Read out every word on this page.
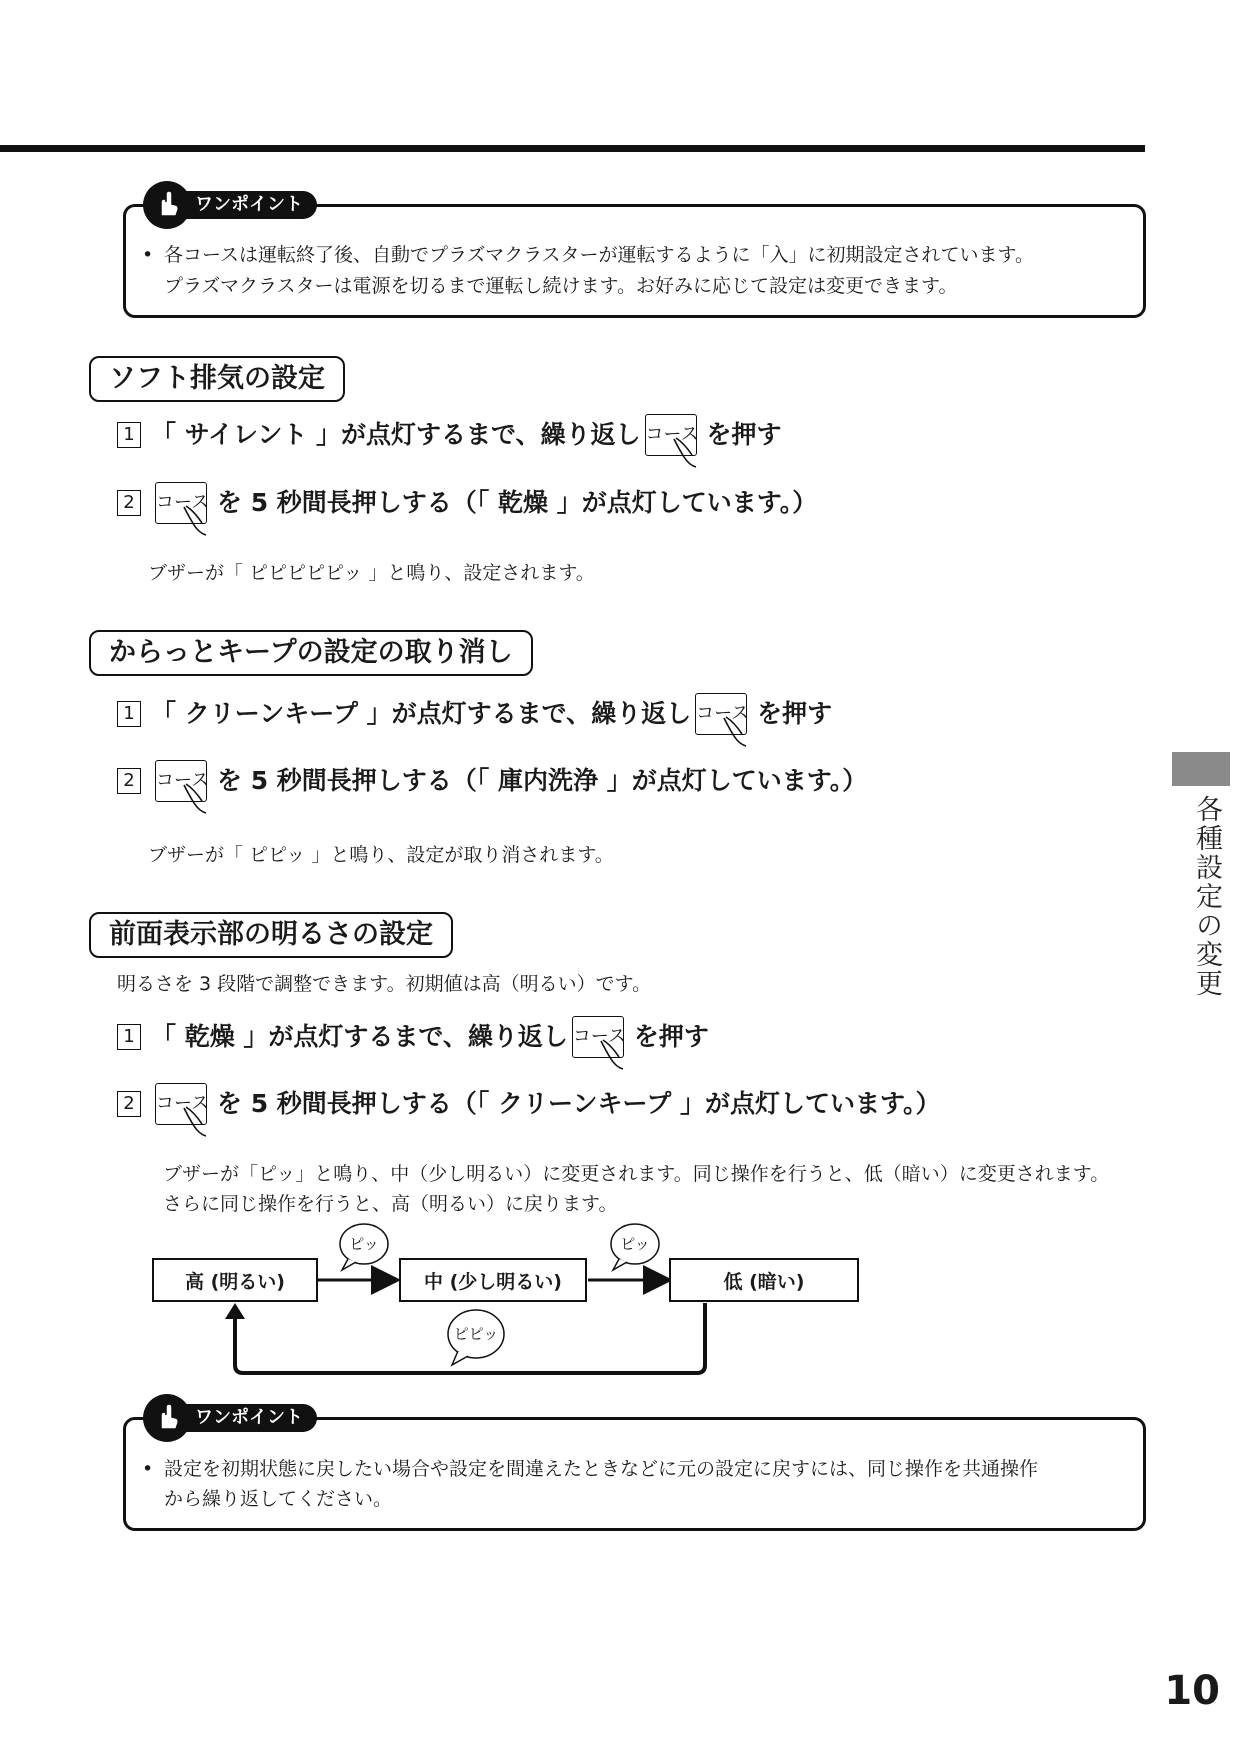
ワンポイント
• 各コースは運転終了後、自動でプラズマクラスターが運転するように「入」に初期設定されています。
プラズマクラスターは電源を切るまで運転し続けます。お好みに応じて設定は変更できます。
ソフト排気の設定
1 「 サイレント 」が点灯するまで、繰り返し コース を押す
2	コース を 5 秒間長押しする（「 乾燥 」が点灯しています。）
ブザーが「 ピピピピピッ 」と鳴り、設定されます。
からっとキープの設定の取り消し
1 「 クリーンキープ 」が点灯するまで、繰り返し コース を押す
2	コース を 5 秒間長押しする（「 庫内洗浄 」が点灯しています。）
ブザーが「 ピピッ 」と鳴り、設定が取り消されます。
前面表示部の明るさの設定
明るさを 3 段階で調整できます。初期値は高（明るい）です。
1 「 乾燥 」が点灯するまで、繰り返し コース を押す
2	コース を 5 秒間長押しする（「 クリーンキープ 」が点灯しています。）
ブザーが「ピッ」と鳴り、中（少し明るい）に変更されます。同じ操作を行うと、低（暗い）に変更されます。
さらに同じ操作を行うと、高（明るい）に戻ります。
高 (明るい)	中 (少し明るい)	低 (暗い)
ピッ	ピッ
ピピッ
ワンポイント
• 設定を初期状態に戻したい場合や設定を間違えたときなどに元の設定に戻すには、同じ操作を共通操作
から繰り返してください。
各種設定の変更
10
